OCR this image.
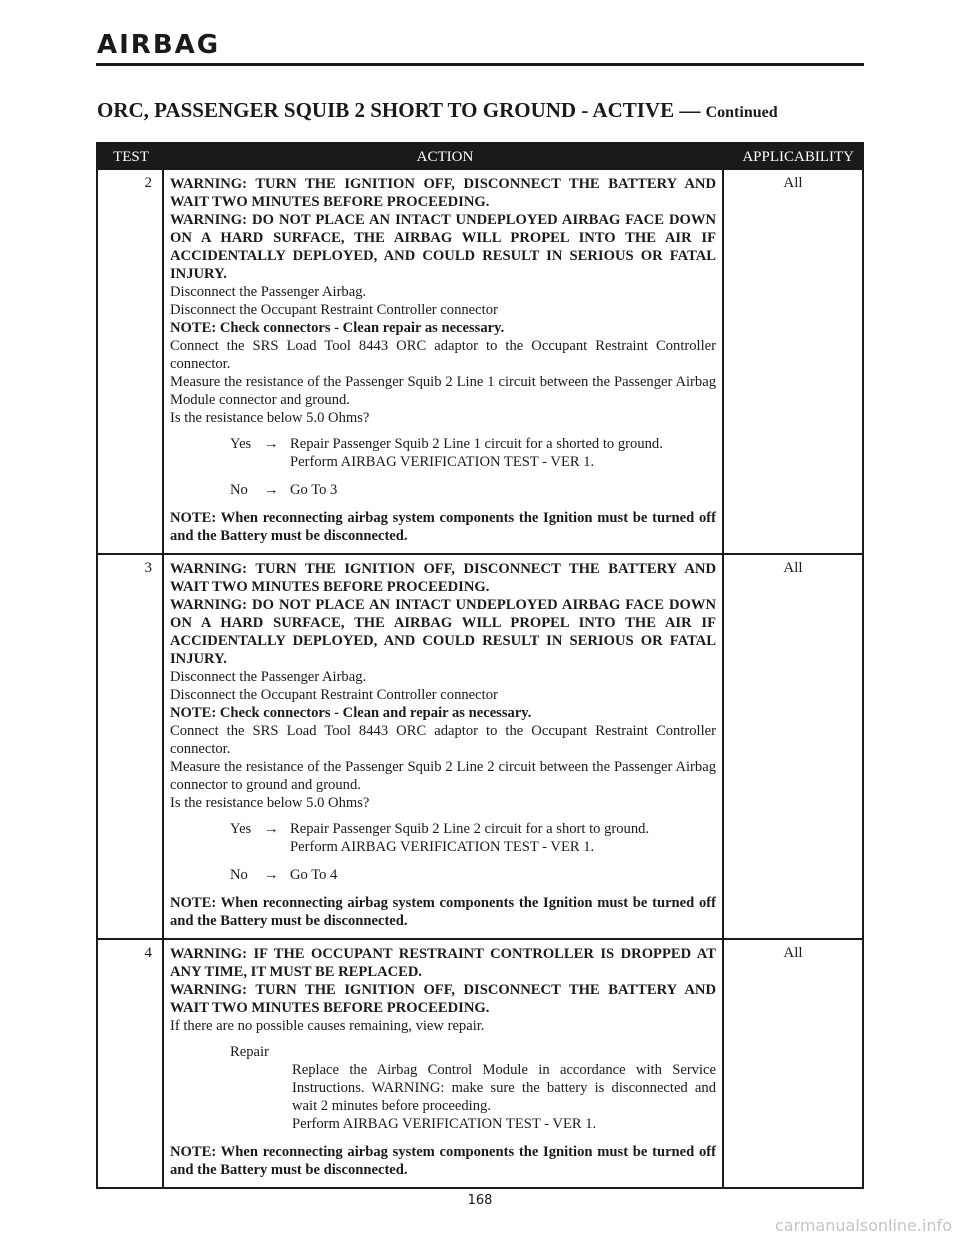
AIRBAG
ORC, PASSENGER SQUIB 2 SHORT TO GROUND - ACTIVE — Continued
TEST	ACTION	APPLICABILITY
2	WARNING: TURN THE IGNITION OFF, DISCONNECT THE BATTERY AND WAIT TWO MINUTES BEFORE PROCEEDING.
WARNING: DO NOT PLACE AN INTACT UNDEPLOYED AIRBAG FACE DOWN ON A HARD SURFACE, THE AIRBAG WILL PROPEL INTO THE AIR IF ACCIDENTALLY DEPLOYED, AND COULD RESULT IN SERIOUS OR FATAL INJURY.
Disconnect the Passenger Airbag.
Disconnect the Occupant Restraint Controller connector
NOTE: Check connectors - Clean repair as necessary.
Connect the SRS Load Tool 8443 ORC adaptor to the Occupant Restraint Controller connector.
Measure the resistance of the Passenger Squib 2 Line 1 circuit between the Passenger Airbag Module connector and ground.
Is the resistance below 5.0 Ohms?
Yes → Repair Passenger Squib 2 Line 1 circuit for a shorted to ground.
Perform AIRBAG VERIFICATION TEST - VER 1.
No	→ Go To 3
NOTE: When reconnecting airbag system components the Ignition must be turned off and the Battery must be disconnected.
All
3	WARNING: TURN THE IGNITION OFF, DISCONNECT THE BATTERY AND WAIT TWO MINUTES BEFORE PROCEEDING.
WARNING: DO NOT PLACE AN INTACT UNDEPLOYED AIRBAG FACE DOWN ON A HARD SURFACE, THE AIRBAG WILL PROPEL INTO THE AIR IF ACCIDENTALLY DEPLOYED, AND COULD RESULT IN SERIOUS OR FATAL INJURY.
Disconnect the Passenger Airbag.
Disconnect the Occupant Restraint Controller connector
NOTE: Check connectors - Clean and repair as necessary.
Connect the SRS Load Tool 8443 ORC adaptor to the Occupant Restraint Controller connector.
Measure the resistance of the Passenger Squib 2 Line 2 circuit between the Passenger Airbag connector to ground and ground.
Is the resistance below 5.0 Ohms?
Yes → Repair Passenger Squib 2 Line 2 circuit for a short to ground.
Perform AIRBAG VERIFICATION TEST - VER 1.
No	→ Go To 4
NOTE: When reconnecting airbag system components the Ignition must be turned off and the Battery must be disconnected.
All
4	WARNING: IF THE OCCUPANT RESTRAINT CONTROLLER IS DROPPED AT ANY TIME, IT MUST BE REPLACED.
WARNING: TURN THE IGNITION OFF, DISCONNECT THE BATTERY AND WAIT TWO MINUTES BEFORE PROCEEDING.
If there are no possible causes remaining, view repair.
Repair
Replace the Airbag Control Module in accordance with Service Instructions. WARNING: make sure the battery is disconnected and wait 2 minutes before proceeding.
Perform AIRBAG VERIFICATION TEST - VER 1.
NOTE: When reconnecting airbag system components the Ignition must be turned off and the Battery must be disconnected.
All
168
carmanualsonline.info
